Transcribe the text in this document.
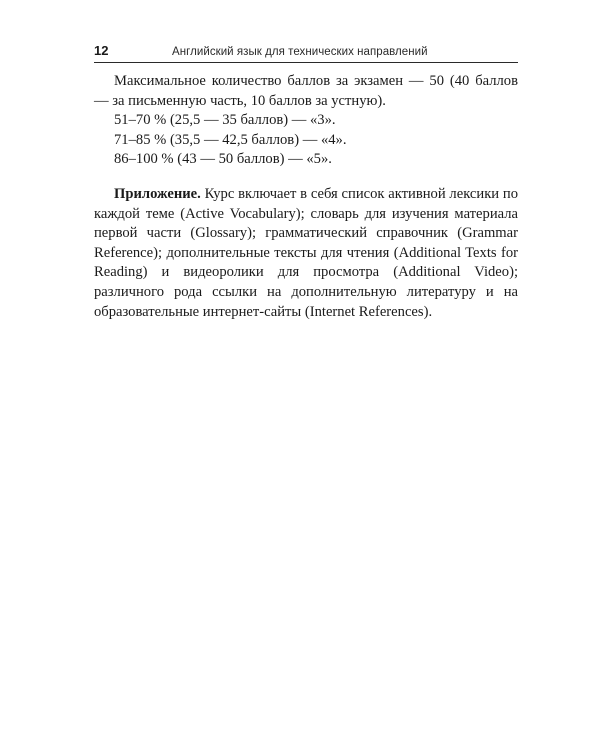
12	Английский язык для технических направлений

Максимальное количество баллов за экзамен — 50 (40 баллов — за письменную часть, 10 баллов за устную).

51–70 % (25,5 — 35 баллов) — «3».

71–85 % (35,5 — 42,5 баллов) — «4».

86–100 % (43 — 50 баллов) — «5».

Приложение. Курс включает в себя список активной лексики по каждой теме (Active Vocabulary); словарь для изучения материала первой части (Glossary); грамматический справочник (Grammar Reference); дополнительные тексты для чтения (Additional Texts for Reading) и видеоролики для просмотра (Additional Video); различного рода ссылки на дополнительную литературу и на образовательные интернет-сайты (Internet References).
